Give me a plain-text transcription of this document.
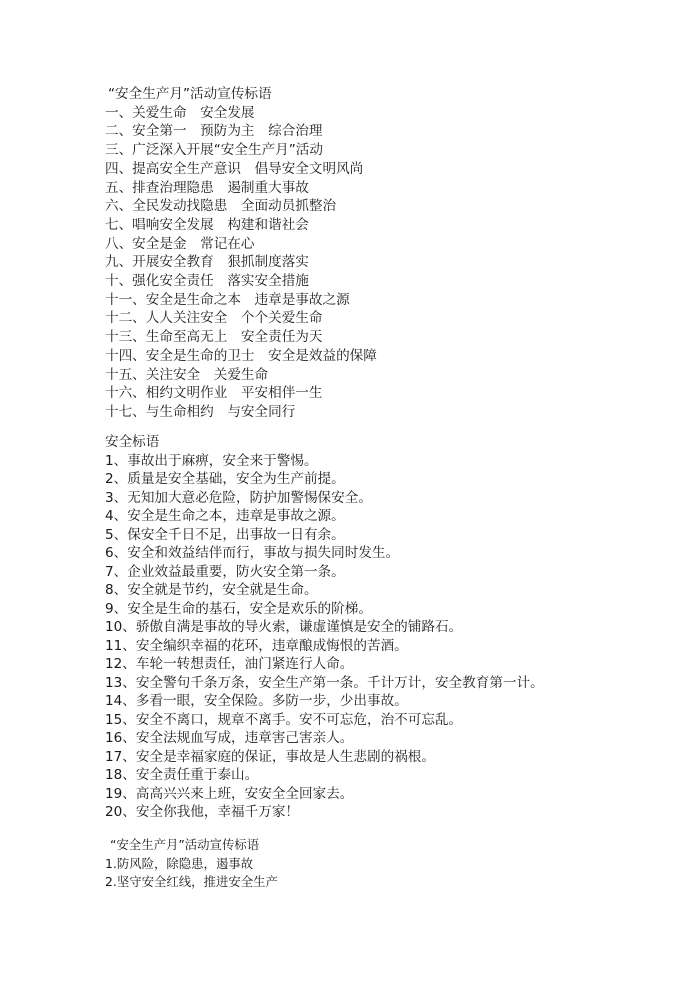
“安全生产月”活动宣传标语

一、关爱生命　安全发展

二、安全第一　预防为主　综合治理

三、广泛深入开展“安全生产月”活动

四、提高安全生产意识　倡导安全文明风尚

五、排查治理隐患　遏制重大事故

六、全民发动找隐患　全面动员抓整治

七、唱响安全发展　构建和谐社会

八、安全是金　常记在心

九、开展安全教育　狠抓制度落实

十、强化安全责任　落实安全措施

十一、安全是生命之本　违章是事故之源

十二、人人关注安全　个个关爱生命

十三、生命至高无上　安全责任为天

十四、安全是生命的卫士　安全是效益的保障

十五、关注安全　关爱生命

十六、相约文明作业　平安相伴一生

十七、与生命相约　与安全同行

安全标语

1、事故出于麻痹，安全来于警惕。

2、质量是安全基础，安全为生产前提。

3、无知加大意必危险，防护加警惕保安全。

4、安全是生命之本，违章是事故之源。

5、保安全千日不足，出事故一日有余。

6、安全和效益结伴而行，事故与损失同时发生。

7、企业效益最重要，防火安全第一条。

8、安全就是节约，安全就是生命。

9、安全是生命的基石，安全是欢乐的阶梯。

10、骄傲自满是事故的导火索，谦虚谨慎是安全的铺路石。

11、安全编织幸福的花环，违章酿成悔恨的苦酒。

12、车轮一转想责任，油门紧连行人命。

13、安全警句千条万条，安全生产第一条。千计万计，安全教育第一计。

14、多看一眼，安全保险。多防一步，少出事故。

15、安全不离口，规章不离手。安不可忘危，治不可忘乱。

16、安全法规血写成，违章害己害亲人。

17、安全是幸福家庭的保证，事故是人生悲剧的祸根。

18、安全责任重于泰山。

19、高高兴兴来上班，安安全全回家去。

20、安全你我他，幸福千万家！

“安全生产月”活动宣传标语

1.防风险，除隐患，遏事故

2.坚守安全红线，推进安全生产
